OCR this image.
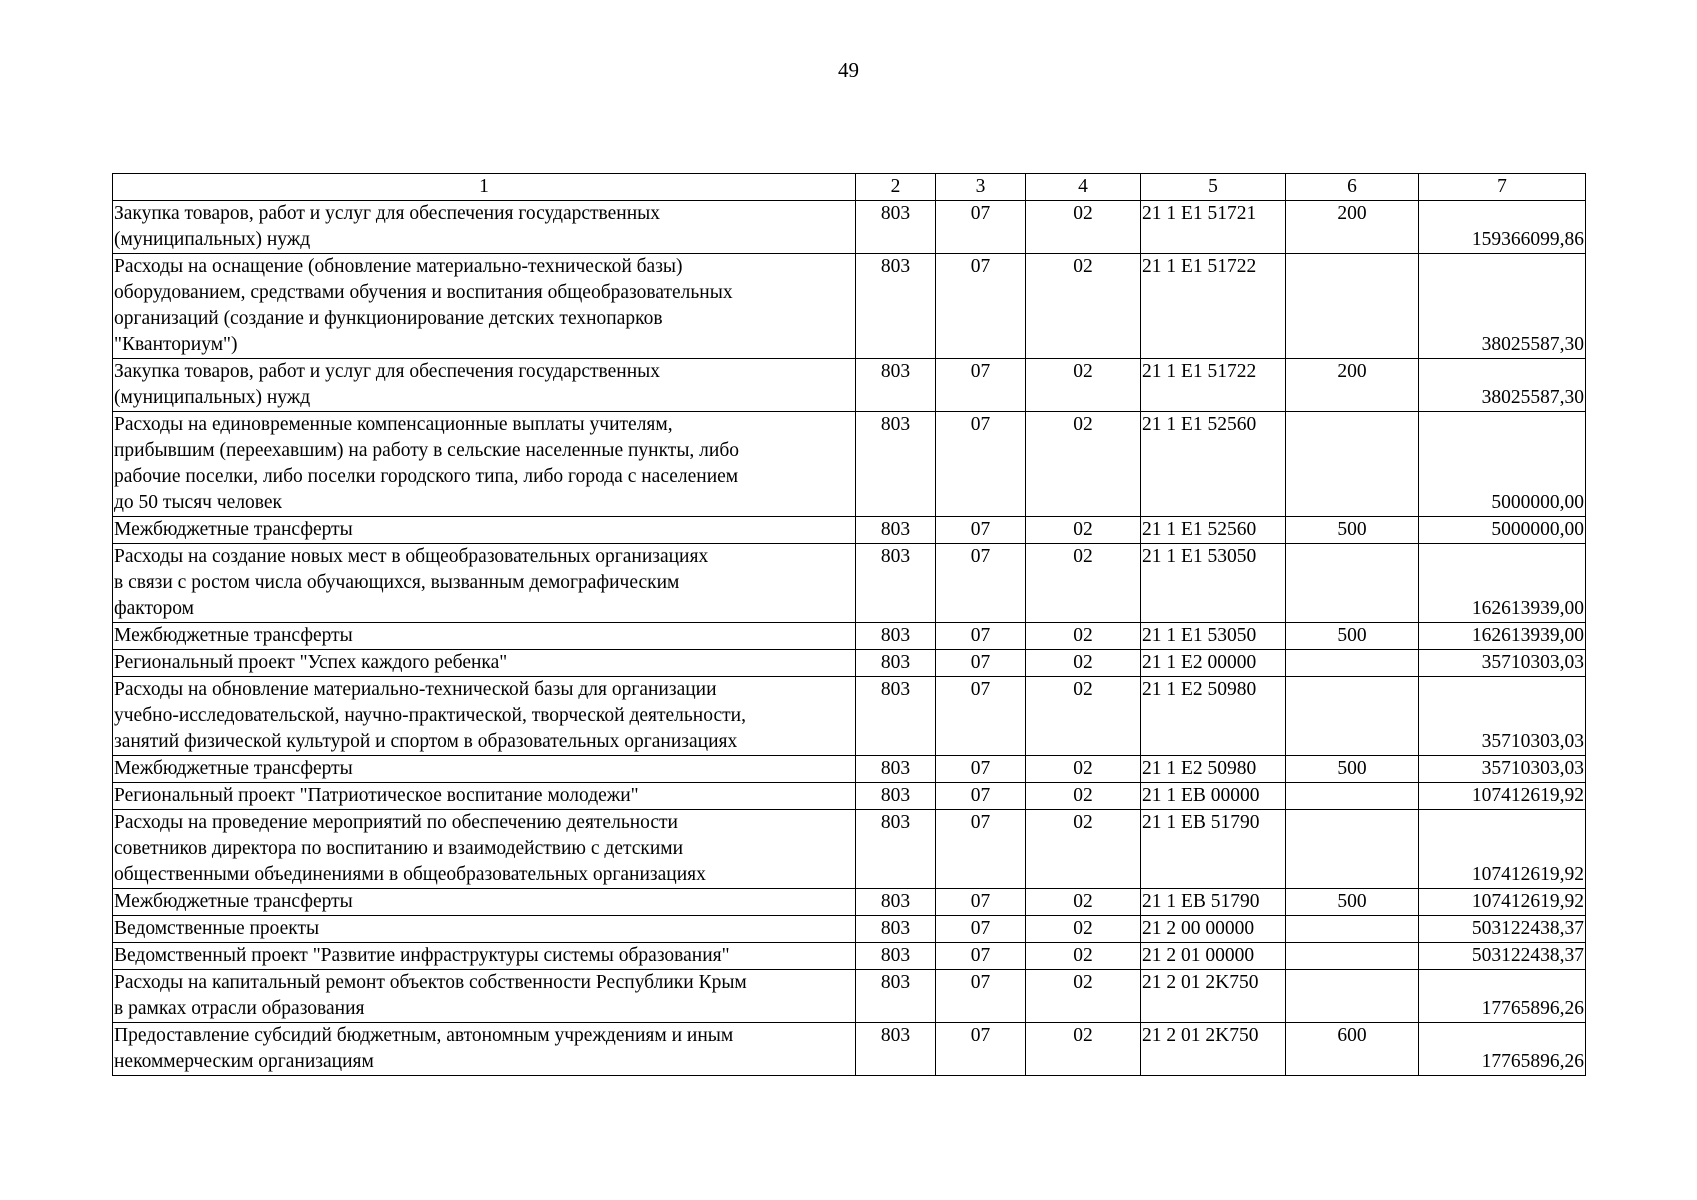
49
1	2	3	4	5	6	7
Закупка товаров, работ и услуг для обеспечения государственных
(муниципальных) нужд	803	07	02	21 1 E1 51721	200	159366099,86
Расходы на оснащение (обновление материально-технической базы)
оборудованием, средствами обучения и воспитания общеобразовательных
организаций (создание и функционирование детских технопарков
"Кванториум")	803	07	02	21 1 E1 51722		38025587,30
Закупка товаров, работ и услуг для обеспечения государственных
(муниципальных) нужд	803	07	02	21 1 E1 51722	200	38025587,30
Расходы на единовременные компенсационные выплаты учителям,
прибывшим (переехавшим) на работу в сельские населенные пункты, либо
рабочие поселки, либо поселки городского типа, либо города с населением
до 50 тысяч человек	803	07	02	21 1 E1 52560		5000000,00
Межбюджетные трансферты	803	07	02	21 1 E1 52560	500	5000000,00
Расходы на создание новых мест в общеобразовательных организациях
в связи с ростом числа обучающихся, вызванным демографическим
фактором	803	07	02	21 1 E1 53050		162613939,00
Межбюджетные трансферты	803	07	02	21 1 E1 53050	500	162613939,00
Региональный проект "Успех каждого ребенка"	803	07	02	21 1 E2 00000		35710303,03
Расходы на обновление материально-технической базы для организации
учебно-исследовательской, научно-практической, творческой деятельности,
занятий физической культурой и спортом в образовательных организациях	803	07	02	21 1 E2 50980		35710303,03
Межбюджетные трансферты	803	07	02	21 1 E2 50980	500	35710303,03
Региональный проект "Патриотическое воспитание молодежи"	803	07	02	21 1 EB 00000		107412619,92
Расходы на проведение мероприятий по обеспечению деятельности
советников директора по воспитанию и взаимодействию с детскими
общественными объединениями в общеобразовательных организациях	803	07	02	21 1 EB 51790		107412619,92
Межбюджетные трансферты	803	07	02	21 1 EB 51790	500	107412619,92
Ведомственные проекты	803	07	02	21 2 00 00000		503122438,37
Ведомственный проект "Развитие инфраструктуры системы образования"	803	07	02	21 2 01 00000		503122438,37
Расходы на капитальный ремонт объектов собственности Республики Крым
в рамках отрасли образования	803	07	02	21 2 01 2K750		17765896,26
Предоставление субсидий бюджетным, автономным учреждениям и иным
некоммерческим организациям	803	07	02	21 2 01 2K750	600	17765896,26
